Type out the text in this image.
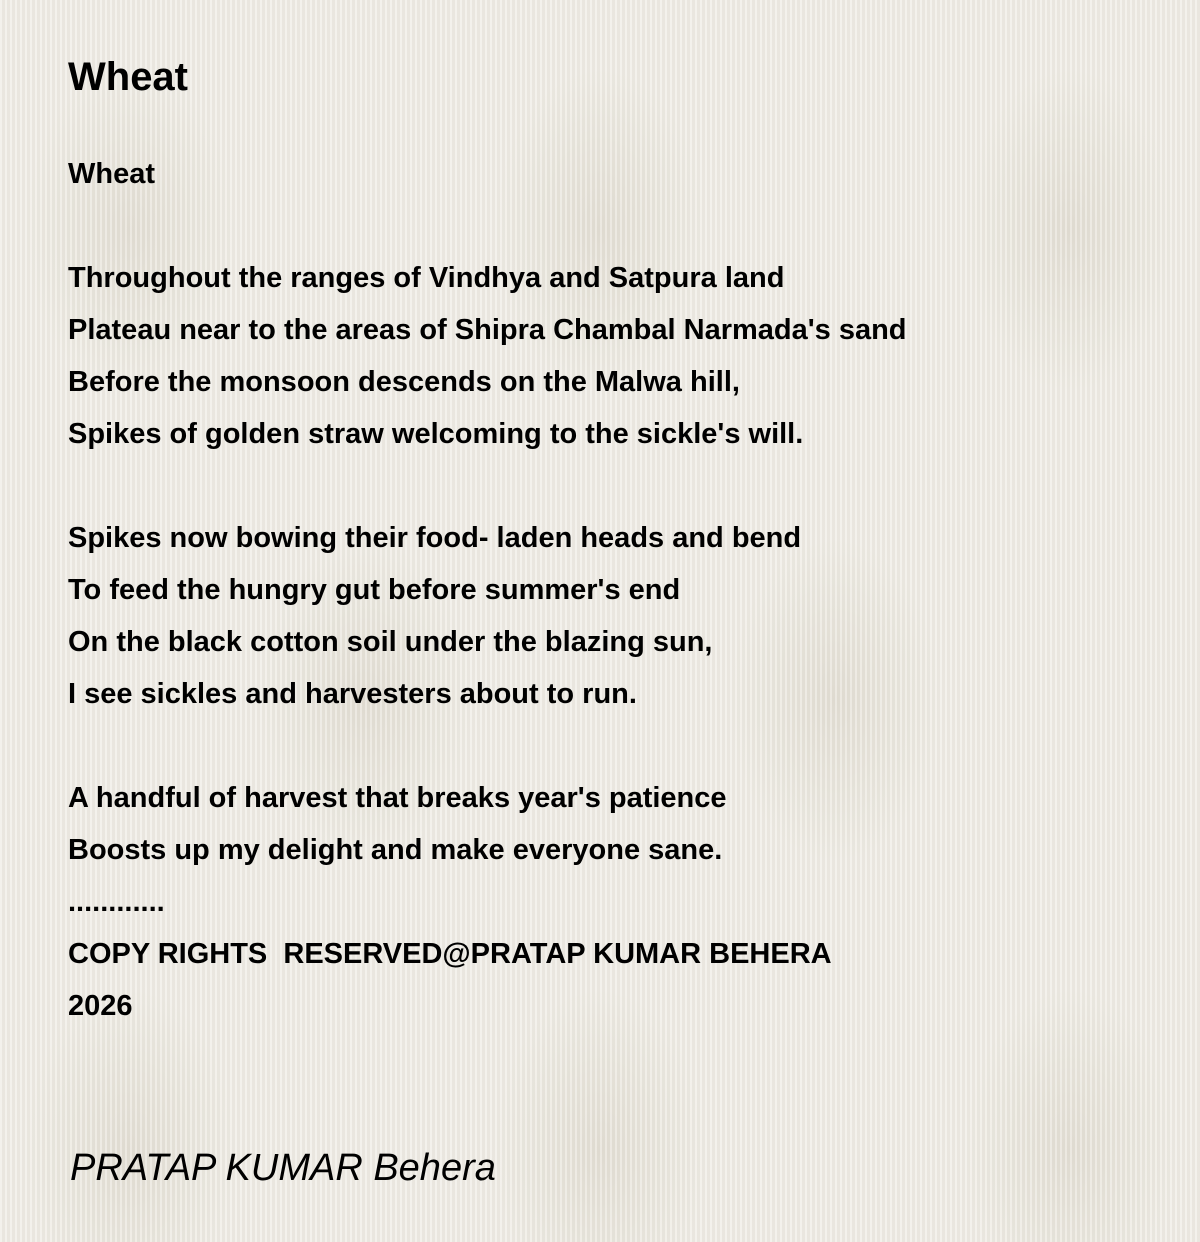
Wheat
Wheat
Throughout the ranges of Vindhya and Satpura land
Plateau near to the areas of Shipra Chambal Narmada's sand
Before the monsoon descends on the Malwa hill,
Spikes of golden straw welcoming to the sickle's will.
Spikes now bowing their food- laden heads and bend
To feed the hungry gut before summer's end
On the black cotton soil under the blazing sun,
I see sickles and harvesters about to run.
A handful of harvest that breaks year's patience
Boosts up my delight and make everyone sane.
............
COPY RIGHTS  RESERVED@PRATAP KUMAR BEHERA
2026
PRATAP KUMAR Behera
